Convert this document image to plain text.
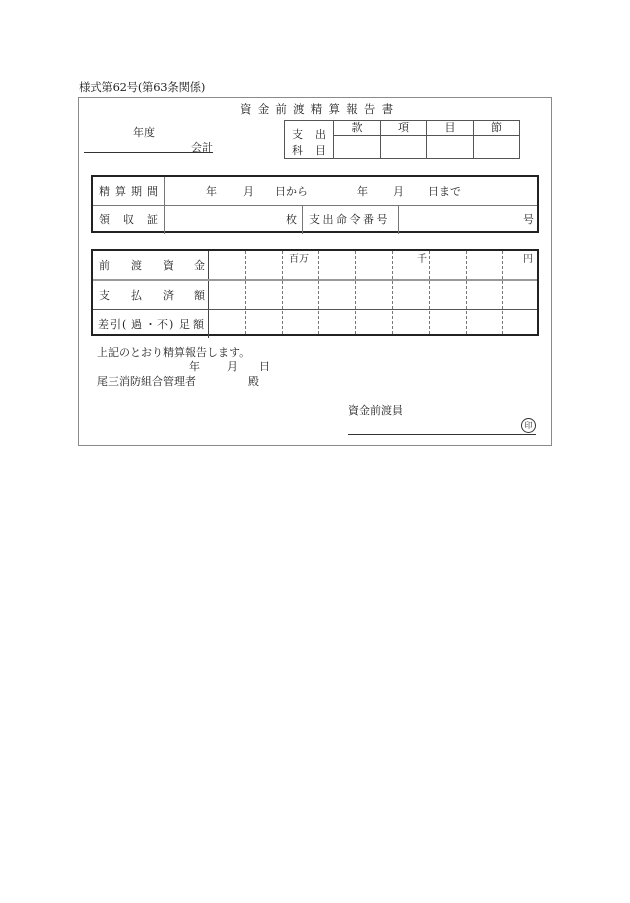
様式第62号(第63条関係)
資金前渡精算報告書
年度
会計
支 出
科 目
款	項	目	節
精 算 期 間	年 月 日から	年 月 日まで
領 収 証	枚 支出命令番号	号
前 渡 資 金	百万	千	円
支 払 済 額
差 引 ( 過 ・ 不 ) 足 額
上記のとおり精算報告します。
年 月 日
尾三消防組合管理者	殿
資金前渡員
印
